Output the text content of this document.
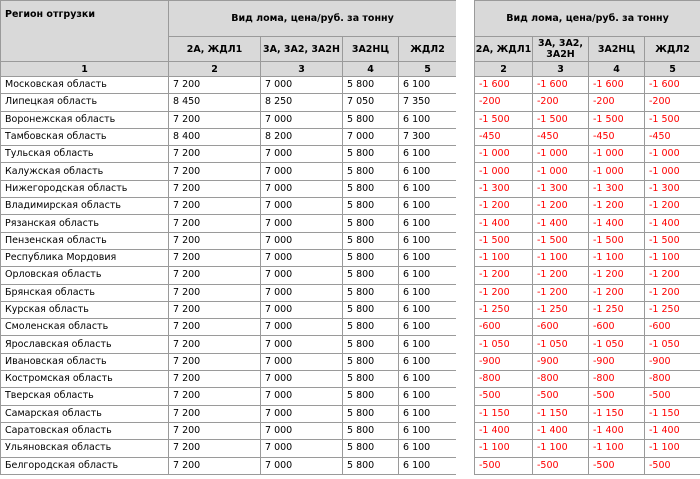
Регион отгрузки	Вид лома, цена/руб. за тонну			
	2А, ЖДЛ1	3А, 3А2, 3А2Н	3А2НЦ	ЖДЛ2
1	2	3	4	5
Московская область	7 200	7 000	5 800	6 100
Липецкая область	8 450	8 250	7 050	7 350
Воронежская область	7 200	7 000	5 800	6 100
Тамбовская область	8 400	8 200	7 000	7 300
Тульская область	7 200	7 000	5 800	6 100
Калужская область	7 200	7 000	5 800	6 100
Нижегородская область	7 200	7 000	5 800	6 100
Владимирская область	7 200	7 000	5 800	6 100
Рязанская область	7 200	7 000	5 800	6 100
Пензенская область	7 200	7 000	5 800	6 100
Республика Мордовия	7 200	7 000	5 800	6 100
Орловская область	7 200	7 000	5 800	6 100
Брянская область	7 200	7 000	5 800	6 100
Курская область	7 200	7 000	5 800	6 100
Смоленская область	7 200	7 000	5 800	6 100
Ярославская область	7 200	7 000	5 800	6 100
Ивановская область	7 200	7 000	5 800	6 100
Костромская область	7 200	7 000	5 800	6 100
Тверская область	7 200	7 000	5 800	6 100
Самарская область	7 200	7 000	5 800	6 100
Саратовская область	7 200	7 000	5 800	6 100
Ульяновская область	7 200	7 000	5 800	6 100
Белгородская область	7 200	7 000	5 800	6 100
Вид лома, цена/руб. за тонну			
2А, ЖДЛ1	3А, 3А2, 3А2Н	3А2НЦ	ЖДЛ2
2	3	4	5
-1 600	-1 600	-1 600	-1 600
-200	-200	-200	-200
-1 500	-1 500	-1 500	-1 500
-450	-450	-450	-450
-1 000	-1 000	-1 000	-1 000
-1 000	-1 000	-1 000	-1 000
-1 300	-1 300	-1 300	-1 300
-1 200	-1 200	-1 200	-1 200
-1 400	-1 400	-1 400	-1 400
-1 500	-1 500	-1 500	-1 500
-1 100	-1 100	-1 100	-1 100
-1 200	-1 200	-1 200	-1 200
-1 200	-1 200	-1 200	-1 200
-1 250	-1 250	-1 250	-1 250
-600	-600	-600	-600
-1 050	-1 050	-1 050	-1 050
-900	-900	-900	-900
-800	-800	-800	-800
-500	-500	-500	-500
-1 150	-1 150	-1 150	-1 150
-1 400	-1 400	-1 400	-1 400
-1 100	-1 100	-1 100	-1 100
-500	-500	-500	-500
